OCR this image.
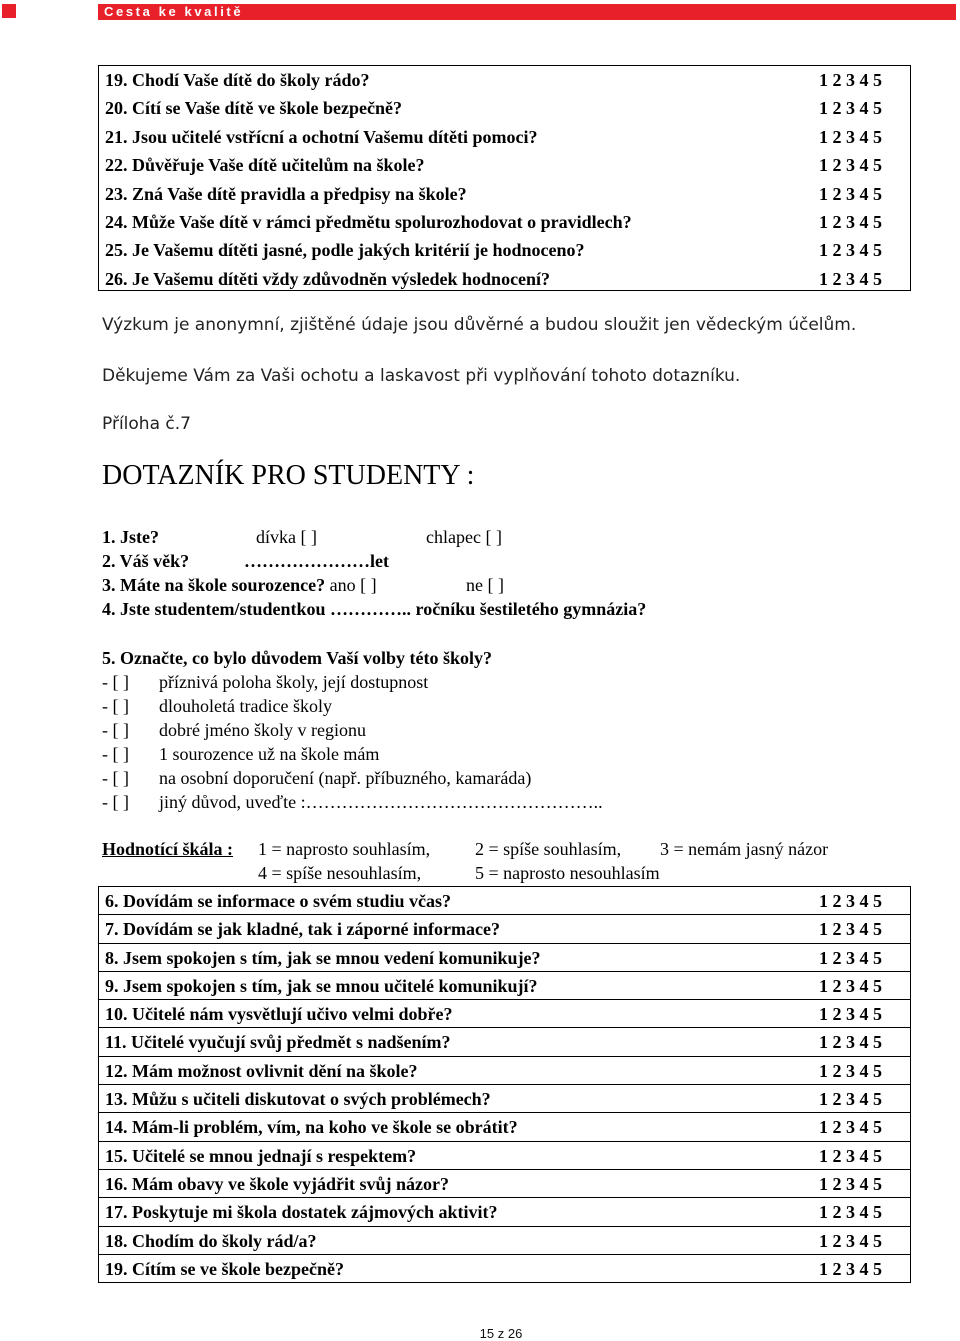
Cesta ke kvalitě
19. Chodí Vaše dítě do školy rádo?	1 2 3 4 5
20. Cítí se Vaše dítě ve škole bezpečně?	1 2 3 4 5
21. Jsou učitelé vstřícní a ochotní Vašemu dítěti pomoci?	1 2 3 4 5
22. Důvěřuje Vaše dítě učitelům na škole?	1 2 3 4 5
23. Zná Vaše dítě pravidla a předpisy na škole?	1 2 3 4 5
24. Může Vaše dítě v rámci předmětu spolurozhodovat o pravidlech?	1 2 3 4 5
25. Je Vašemu dítěti jasné, podle jakých kritérií je hodnoceno?	1 2 3 4 5
26. Je Vašemu dítěti vždy zdůvodněn výsledek hodnocení?	1 2 3 4 5
Výzkum je anonymní, zjištěné údaje jsou důvěrné a budou sloužit jen vědeckým účelům.
Děkujeme Vám za Vaši ochotu a laskavost při vyplňování tohoto dotazníku.
Příloha č.7
DOTAZNÍK PRO STUDENTY :
1. Jste?	dívka [ ]	chlapec [ ]
2. Váš věk?	…………………let
3. Máte na škole sourozence? ano [ ]	ne [ ]
4. Jste studentem/studentkou ………….. ročníku šestiletého gymnázia?
5. Označte, co bylo důvodem Vaší volby této školy?
- [ ] příznivá poloha školy, její dostupnost
- [ ] dlouholetá tradice školy
- [ ] dobré jméno školy v regionu
- [ ] 1 sourozence už na škole mám
- [ ] na osobní doporučení (např. příbuzného, kamaráda)
- [ ] jiný důvod, uveďte :…………………………………………..
Hodnotící škála : 1 = naprosto souhlasím, 2 = spíše souhlasím, 3 = nemám jasný názor
4 = spíše nesouhlasím,	5 = naprosto nesouhlasím
6. Dovídám se informace o svém studiu včas?	1 2 3 4 5
7. Dovídám se jak kladné, tak i záporné informace?	1 2 3 4 5
8. Jsem spokojen s tím, jak se mnou vedení komunikuje?	1 2 3 4 5
9. Jsem spokojen s tím, jak se mnou učitelé komunikují?	1 2 3 4 5
10. Učitelé nám vysvětlují učivo velmi dobře?	1 2 3 4 5
11. Učitelé vyučují svůj předmět s nadšením?	1 2 3 4 5
12. Mám možnost ovlivnit dění na škole?	1 2 3 4 5
13. Můžu s učiteli diskutovat o svých problémech?	1 2 3 4 5
14. Mám-li problém, vím, na koho ve škole se obrátit?	1 2 3 4 5
15. Učitelé se mnou jednají s respektem?	1 2 3 4 5
16. Mám obavy ve škole vyjádřit svůj názor?	1 2 3 4 5
17. Poskytuje mi škola dostatek zájmových aktivit?	1 2 3 4 5
18. Chodím do školy rád/a?	1 2 3 4 5
19. Cítím se ve škole bezpečně?	1 2 3 4 5
15 z 26
